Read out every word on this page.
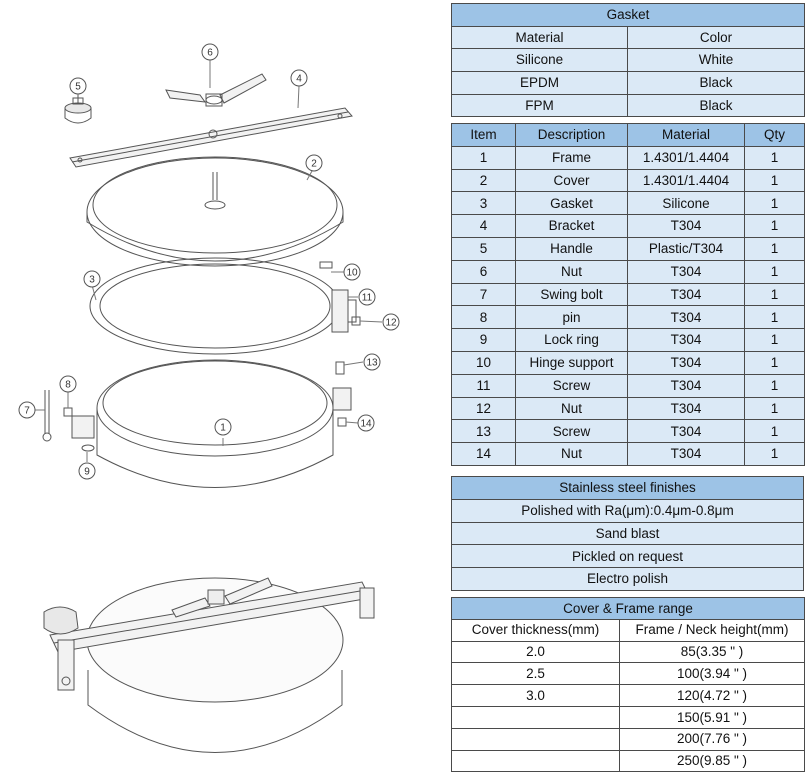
1
2
3
4
5
6
7
8
9
10
11
12
13
14
Gasket	
Material	Color
Silicone	White
EPDM	Black
FPM	Black
Item	Description	Material	Qty
1	Frame	1.4301/1.4404	1
2	Cover	1.4301/1.4404	1
3	Gasket	Silicone	1
4	Bracket	T304	1
5	Handle	Plastic/T304	1
6	Nut	T304	1
7	Swing bolt	T304	1
8	pin	T304	1
9	Lock ring	T304	1
10	Hinge support	T304	1
11	Screw	T304	1
12	Nut	T304	1
13	Screw	T304	1
14	Nut	T304	1
Stainless steel finishes
Polished with Ra(μm):0.4μm-0.8μm
Sand blast
Pickled on request
Electro polish
Cover & Frame range	
Cover thickness(mm)	Frame / Neck height(mm)
2.0	85(3.35 " )
2.5	100(3.94 " )
3.0	120(4.72 " )
	150(5.91 " )
	200(7.76 " )
	250(9.85 " )
